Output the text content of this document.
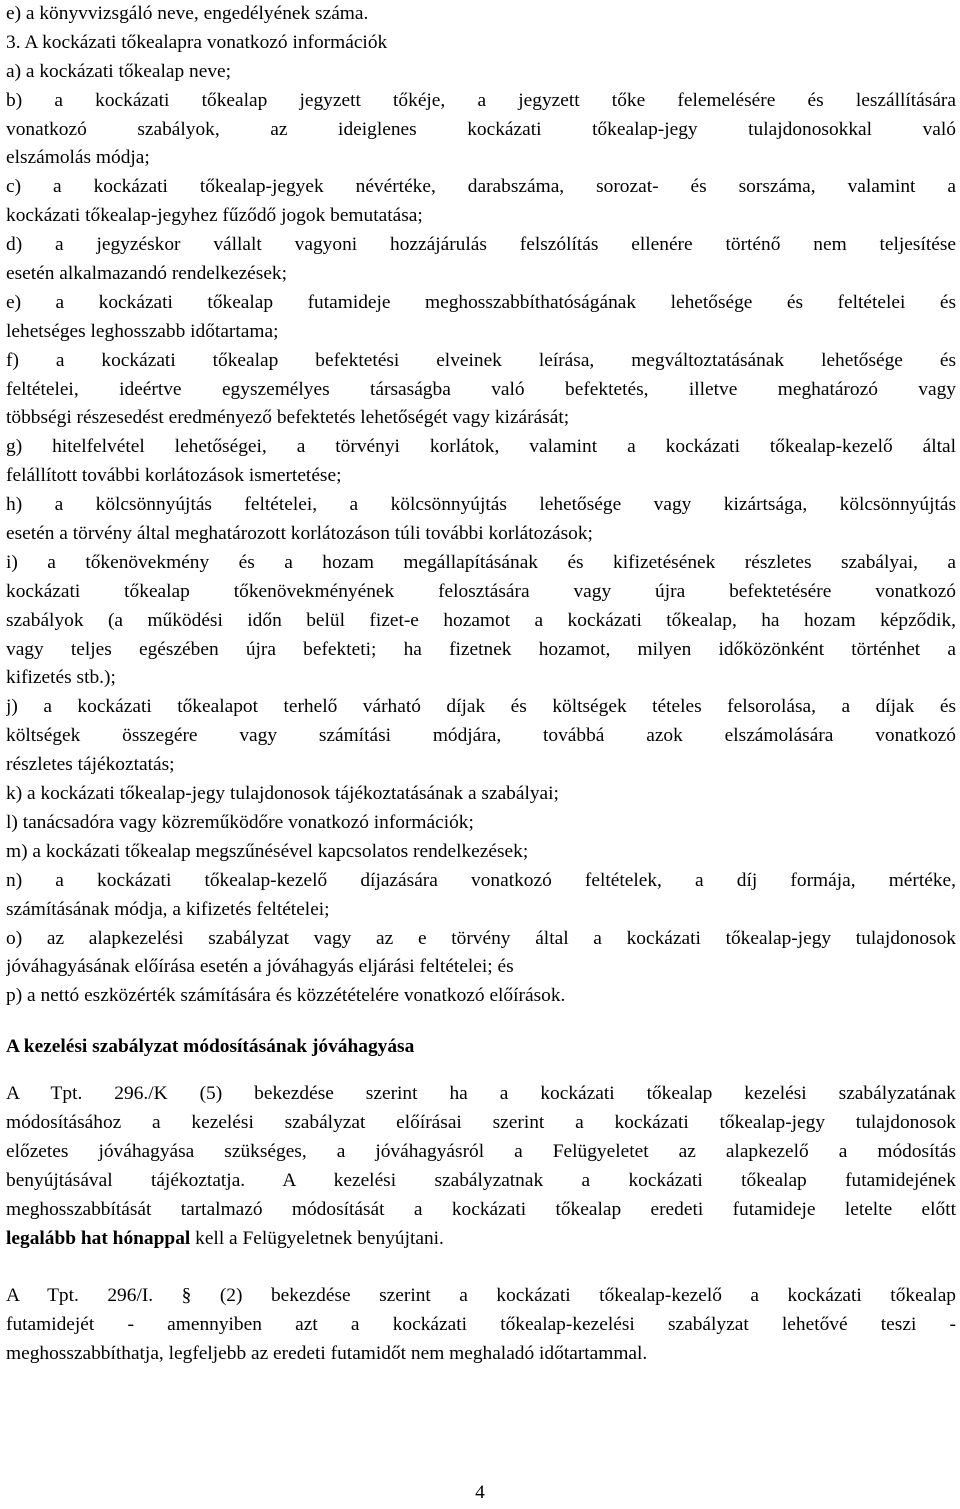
e) a könyvvizsgáló neve, engedélyének száma.
3. A kockázati tőkealapra vonatkozó információk
a) a kockázati tőkealap neve;
b) a kockázati tőkealap jegyzett tőkéje, a jegyzett tőke felemelésére és leszállítására
vonatkozó szabályok, az ideiglenes kockázati tőkealap-jegy tulajdonosokkal való
elszámolás módja;
c) a kockázati tőkealap-jegyek névértéke, darabszáma, sorozat- és sorszáma, valamint a
kockázati tőkealap-jegyhez fűződő jogok bemutatása;
d) a jegyzéskor vállalt vagyoni hozzájárulás felszólítás ellenére történő nem teljesítése
esetén alkalmazandó rendelkezések;
e) a kockázati tőkealap futamideje meghosszabbíthatóságának lehetősége és feltételei és
lehetséges leghosszabb időtartama;
f) a kockázati tőkealap befektetési elveinek leírása, megváltoztatásának lehetősége és
feltételei, ideértve egyszemélyes társaságba való befektetés, illetve meghatározó vagy
többségi részesedést eredményező befektetés lehetőségét vagy kizárását;
g) hitelfelvétel lehetőségei, a törvényi korlátok, valamint a kockázati tőkealap-kezelő által
felállított további korlátozások ismertetése;
h) a kölcsönnyújtás feltételei, a kölcsönnyújtás lehetősége vagy kizártsága, kölcsönnyújtás
esetén a törvény által meghatározott korlátozáson túli további korlátozások;
i) a tőkenövekmény és a hozam megállapításának és kifizetésének részletes szabályai, a
kockázati tőkealap tőkenövekményének felosztására vagy újra befektetésére vonatkozó
szabályok (a működési időn belül fizet-e hozamot a kockázati tőkealap, ha hozam képződik,
vagy teljes egészében újra befekteti; ha fizetnek hozamot, milyen időközönként történhet a
kifizetés stb.);
j) a kockázati tőkealapot terhelő várható díjak és költségek tételes felsorolása, a díjak és
költségek összegére vagy számítási módjára, továbbá azok elszámolására vonatkozó
részletes tájékoztatás;
k) a kockázati tőkealap-jegy tulajdonosok tájékoztatásának a szabályai;
l) tanácsadóra vagy közreműködőre vonatkozó információk;
m) a kockázati tőkealap megszűnésével kapcsolatos rendelkezések;
n) a kockázati tőkealap-kezelő díjazására vonatkozó feltételek, a díj formája, mértéke,
számításának módja, a kifizetés feltételei;
o) az alapkezelési szabályzat vagy az e törvény által a kockázati tőkealap-jegy tulajdonosok
jóváhagyásának előírása esetén a jóváhagyás eljárási feltételei; és
p) a nettó eszközérték számítására és közzétételére vonatkozó előírások.
A kezelési szabályzat módosításának jóváhagyása
A Tpt. 296./K (5) bekezdése szerint ha a kockázati tőkealap kezelési szabályzatának
módosításához a kezelési szabályzat előírásai szerint a kockázati tőkealap-jegy tulajdonosok
előzetes jóváhagyása szükséges, a jóváhagyásról a Felügyeletet az alapkezelő a módosítás
benyújtásával tájékoztatja. A kezelési szabályzatnak a kockázati tőkealap futamidejének
meghosszabbítását tartalmazó módosítását a kockázati tőkealap eredeti futamideje letelte előtt
legalább hat hónappal kell a Felügyeletnek benyújtani.
A Tpt. 296/I. § (2) bekezdése szerint a kockázati tőkealap-kezelő a kockázati tőkealap
futamidejét - amennyiben azt a kockázati tőkealap-kezelési szabályzat lehetővé teszi -
meghosszabbíthatja, legfeljebb az eredeti futamidőt nem meghaladó időtartammal.
4
